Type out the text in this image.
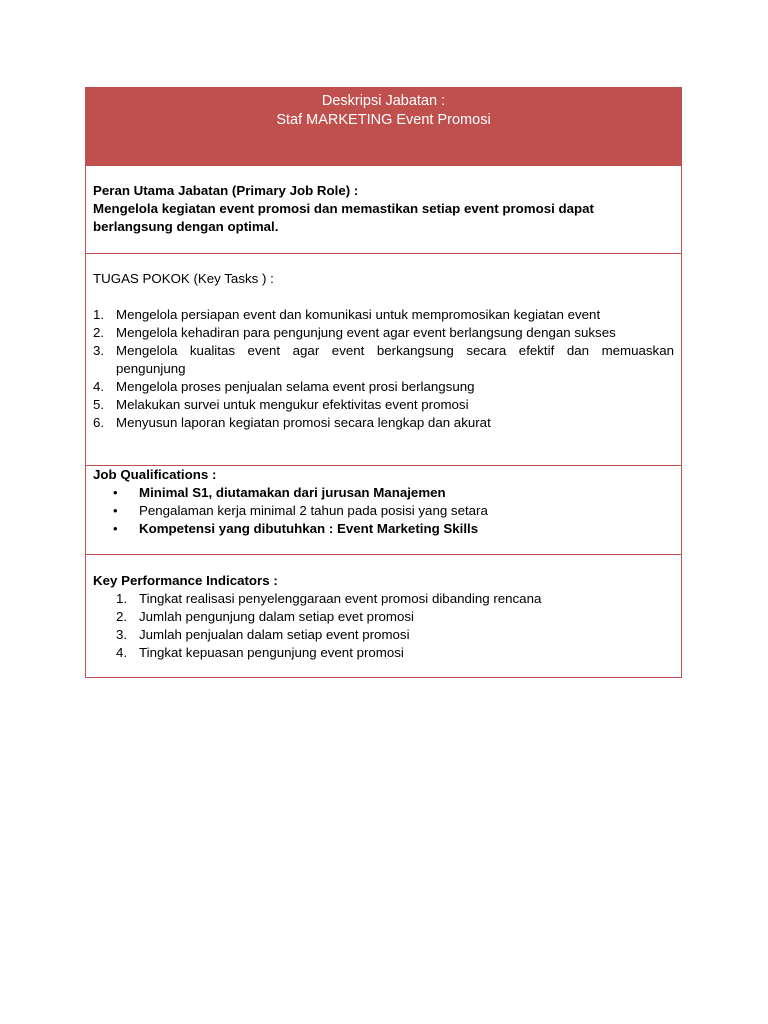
Deskripsi Jabatan :
Staf MARKETING Event Promosi
Peran Utama Jabatan (Primary Job Role) :
Mengelola kegiatan event promosi dan memastikan setiap event promosi dapat
berlangsung dengan optimal.
TUGAS POKOK (Key Tasks ) :
1. Mengelola persiapan event dan komunikasi untuk mempromosikan kegiatan event
2. Mengelola kehadiran para pengunjung event agar event berlangsung dengan sukses
3. Mengelola kualitas event agar event berkangsung secara efektif dan memuaskan
pengunjung
4. Mengelola proses penjualan selama event prosi berlangsung
5. Melakukan survei untuk mengukur efektivitas event promosi
6. Menyusun laporan kegiatan promosi secara lengkap dan akurat
Job Qualifications :
•	Minimal S1, diutamakan dari jurusan Manajemen
•	Pengalaman kerja minimal 2 tahun pada posisi yang setara
•	Kompetensi yang dibutuhkan : Event Marketing Skills
Key Performance Indicators :
1. Tingkat realisasi penyelenggaraan event promosi dibanding rencana
2. Jumlah pengunjung dalam setiap evet promosi
3. Jumlah penjualan dalam setiap event promosi
4. Tingkat kepuasan pengunjung event promosi
